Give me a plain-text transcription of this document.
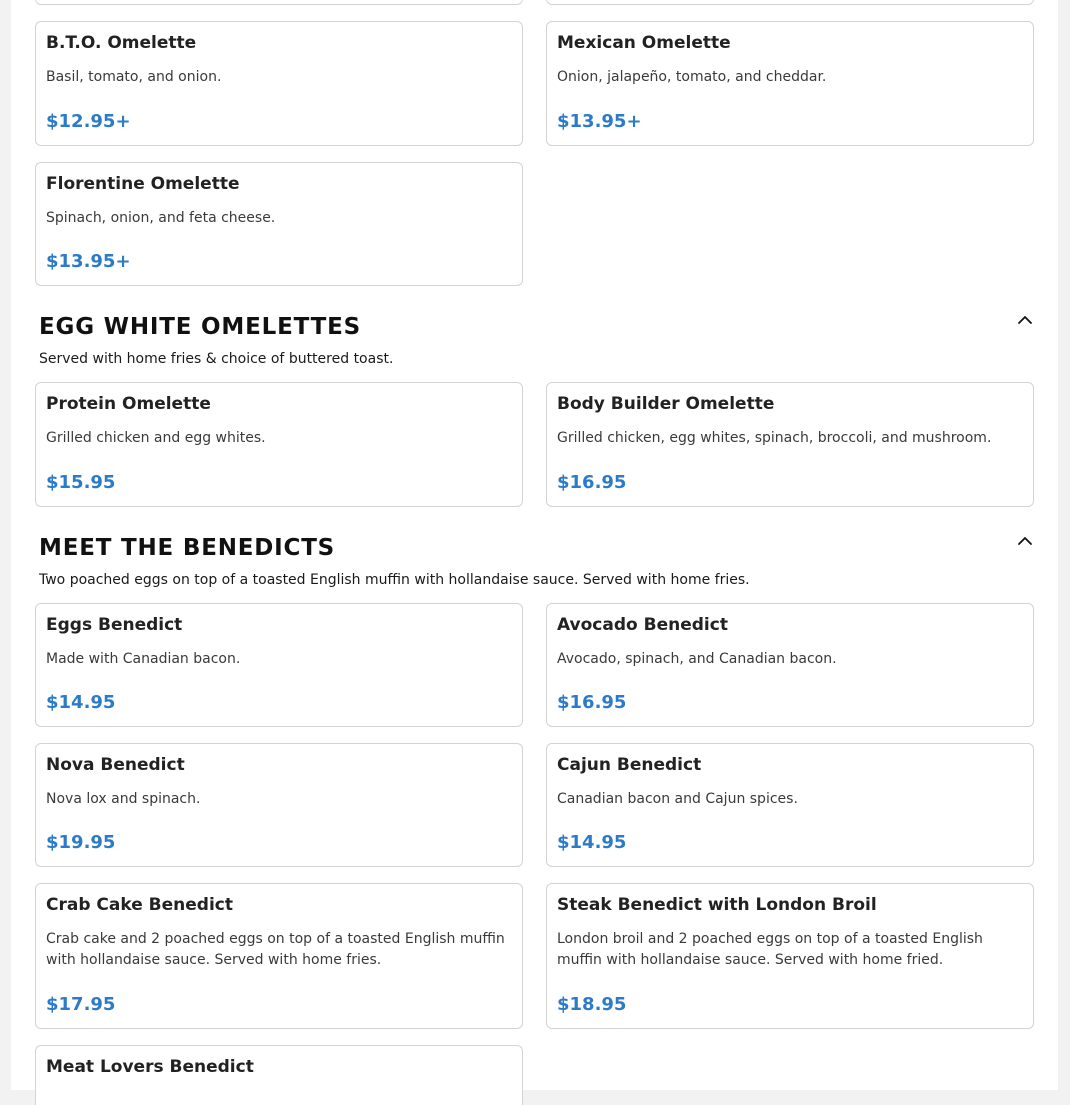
B.T.O. Omelette

Basil, tomato, and onion.

$12.95+

Mexican Omelette

Onion, jalapeño, tomato, and cheddar.

$13.95+

Florentine Omelette

Spinach, onion, and feta cheese.

$13.95+

EGG WHITE OMELETTES

Served with home fries & choice of buttered toast.

Protein Omelette

Grilled chicken and egg whites.

$15.95

Body Builder Omelette

Grilled chicken, egg whites, spinach, broccoli, and mushroom.

$16.95

MEET THE BENEDICTS

Two poached eggs on top of a toasted English muffin with hollandaise sauce. Served with home fries.

Eggs Benedict

Made with Canadian bacon.

$14.95

Avocado Benedict

Avocado, spinach, and Canadian bacon.

$16.95

Nova Benedict

Nova lox and spinach.

$19.95

Cajun Benedict

Canadian bacon and Cajun spices.

$14.95

Crab Cake Benedict

Crab cake and 2 poached eggs on top of a toasted English muffin with hollandaise sauce. Served with home fries.

$17.95

Steak Benedict with London Broil

London broil and 2 poached eggs on top of a toasted English muffin with hollandaise sauce. Served with home fried.

$18.95

Meat Lovers Benedict
